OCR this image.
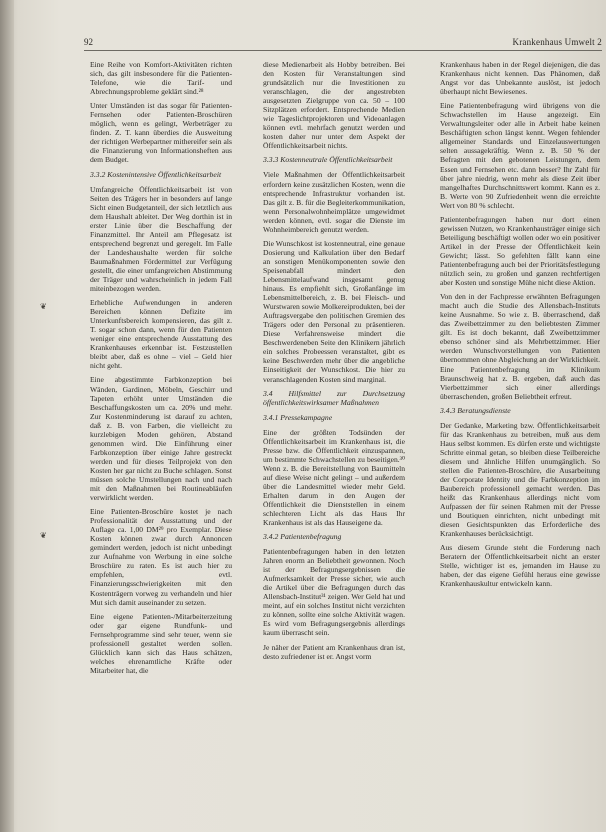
92	Krankenhaus Umwelt 2
❦
❦

Eine Reihe von Komfort-Aktivitäten richten sich, das gilt insbesondere für die Patienten-Telefone, wie die Tarif- und Abrechnungsprobleme geklärt sind.²⁸

Unter Umständen ist das sogar für Patienten-Fernsehen oder Patienten-Broschüren möglich, wenn es gelingt, Werbeträger zu finden. Z. T. kann überdies die Ausweitung der richtigen Werbepartner mithereifer sein als die Finanzierung von Informationsheften aus dem Budget.

3.3.2 Kostenintensive Öffentlichkeitsarbeit

Umfangreiche Öffentlichkeitsarbeit ist von Seiten des Trägers her in besonders auf lange Sicht einen Budgetanteil, der sich letztlich aus dem Haushalt ableitet. Der Weg dorthin ist in erster Linie über die Beschaffung der Finanzmittel. Ihr Anteil am Pflegesatz ist entsprechend begrenzt und geregelt. Im Falle der Landeshaushalte werden für solche Baumaßnahmen Fördermittel zur Verfügung gestellt, die einer umfangreichen Abstimmung der Träger und wahrscheinlich in jedem Fall miteinbezogen werden.

Erhebliche Aufwendungen in anderen Bereichen können Defizite im Unterkunftsbereich kompensieren, das gilt z. T. sogar schon dann, wenn für den Patienten weniger eine entsprechende Ausstattung des Krankenhauses erkennbar ist. Festzustellen bleibt aber, daß es ohne – viel – Geld hier nicht geht.

Eine abgestimmte Farbkonzeption bei Wänden, Gardinen, Möbeln, Geschirr und Tapeten erhöht unter Umständen die Beschaffungskosten um ca. 20% und mehr. Zur Kostenminderung ist darauf zu achten, daß z. B. von Farben, die vielleicht zu kurzlebigen Moden gehören, Abstand genommen wird. Die Einführung einer Farbkonzeption über einige Jahre gestreckt werden und für dieses Teilprojekt von den Kosten her gar nicht zu Buche schlagen. Sonst müssen solche Umstellungen nach und nach mit den Maßnahmen bei Routineabläufen verwirklicht werden.

Eine Patienten-Broschüre kostet je nach Professionalität der Ausstattung und der Auflage ca. 1,00 DM²⁹ pro Exemplar. Diese Kosten können zwar durch Annoncen gemindert werden, jedoch ist nicht unbedingt zur Aufnahme von Werbung in eine solche Broschüre zu raten. Es ist auch hier zu empfehlen, evtl. Finanzierungsschwierigkeiten mit den Kostenträgern vorweg zu verhandeln und hier Mut sich damit auseinander zu setzen.

Eine eigene Patienten-/Mitarbeiterzeitung oder gar eigene Rundfunk- und Fernsehprogramme sind sehr teuer, wenn sie professionell gestaltet werden sollen. Glücklich kann sich das Haus schätzen, welches ehrenamtliche Kräfte oder Mitarbeiter hat, die

diese Medienarbeit als Hobby betreiben. Bei den Kosten für Veranstaltungen sind grundsätzlich nur die Investitionen zu veranschlagen, die der angestrebten ausgesetzten Zielgruppe von ca. 50 – 100 Sitzplätzen erfordert. Entsprechende Medien wie Tageslichtprojektoren und Videoanlagen können evtl. mehrfach genutzt werden und kosten daher nur unter dem Aspekt der Öffentlichkeitsarbeit nichts.

3.3.3 Kostenneutrale Öffentlichkeitsarbeit

Viele Maßnahmen der Öffentlichkeitsarbeit erfordern keine zusätzlichen Kosten, wenn die entsprechende Infrastruktur vorhanden ist. Das gilt z. B. für die Begleiterkommunikation, wenn Personalwohnheimplätze umgewidmet werden können, evtl. sogar die Dienste im Wohnheimbereich genutzt werden.

Die Wunschkost ist kostenneutral, eine genaue Dosierung und Kalkulation über den Bedarf an sonstigen Menükomponenten sowie den Speisenabfall mindert den Lebensmittelaufwand insgesamt genug hinaus. Es empfiehlt sich, Großanfänge im Lebensmittelbereich, z. B. bei Fleisch- und Wurstwaren sowie Molkereiprodukten, bei der Auftragsvergabe den politischen Gremien des Trägers oder den Personal zu präsentieren. Diese Verfahrensweise mindert die Beschwerdeneben Seite den Klinikern jährlich ein solches Probeessen veranstaltet, gibt es keine Beschwerden mehr über die angebliche Einseitigkeit der Wunschkost. Die hier zu veranschlagenden Kosten sind marginal.

3.4 Hilfsmittel zur Durchsetzung öffentlichkeitswirksamer Maßnahmen
3.4.1 Pressekampagne

Eine der größten Todsünden der Öffentlichkeitsarbeit im Krankenhaus ist, die Presse bzw. die Öffentlichkeit einzuspannen, um bestimmte Schwachstellen zu beseitigen.³⁰ Wenn z. B. die Bereitstellung von Baumitteln auf diese Weise nicht gelingt – und außerdem über die Landesmittel wieder mehr Geld. Erhalten darum in den Augen der Öffentlichkeit die Dienststellen in einem schlechteren Licht als das Haus Ihr Krankenhaus ist als das Hauseigene da.

3.4.2 Patientenbefragung

Patientenbefragungen haben in den letzten Jahren enorm an Beliebtheit gewonnen. Noch ist der Befragungsergebnissen die Aufmerksamkeit der Presse sicher, wie auch die Artikel über die Befragungen durch das Allensbach-Institut³¹ zeigen. Wer Geld hat und meint, auf ein solches Institut nicht verzichten zu können, sollte eine solche Aktivität wagen. Es wird vom Befragungsergebnis allerdings kaum überrascht sein.

Je näher der Patient am Krankenhaus dran ist, desto zufriedener ist er. Angst vorm

Krankenhaus haben in der Regel diejenigen, die das Krankenhaus nicht kennen. Das Phänomen, daß Angst vor das Unbekannte auslöst, ist jedoch überhaupt nicht Bewiesenes.

Eine Patientenbefragung wird übrigens von die Schwachstellen im Hause angezeigt. Ein Verwaltungsleiter oder alle in Arbeit habe keinen Beschäftigten schon längst kennt. Wegen fehlender allgemeiner Standards und Einzelauswertungen selten aussagekräftig. Wenn z. B. 50 % der Befragten mit den gebotenen Leistungen, dem Essen und Fernsehen etc. dann besser? Ihr Zahl für über jahre niedrig, wenn mehr als diese Zeit über mangelhaftes Durchschnittswert kommt. Kann es z. B. Werte von 90 Zufriedenheit wenn die erreichte Wert von 80 % schlecht.

Patientenbefragungen haben nur dort einen gewissen Nutzen, wo Krankenhausträger einige sich Beteiligung beschäftigt wollen oder wo ein positiver Artikel in der Presse der Öffentlichkeit kein Gewicht; lässt. So gefehlten fällt kann eine Patientenbefragung auch bei der Prioritätsfestlegung nützlich sein, zu großen und ganzen rechtfertigen aber Kosten und sonstige Mühe nicht diese Aktion.

Von den in der Fachpresse erwähnten Befragungen macht auch die Studie des Allensbach-Instituts keine Ausnahme. So wie z. B. überraschend, daß das Zweibettzimmer zu den beliebtesten Zimmer gilt. Es ist doch bekannt, daß Zweibettzimmer ebenso schöner sind als Mehrbettzimmer. Hier werden Wunschvorstellungen von Patienten übernommen ohne Abgleichung an der Wirklichkeit. Eine Patientenbefragung im Klinikum Braunschweig hat z. B. ergeben, daß auch das Vierbettzimmer sich einer allerdings überraschenden, großen Beliebtheit erfreut.

3.4.3 Beratungsdienste

Der Gedanke, Marketing bzw. Öffentlichkeitsarbeit für das Krankenhaus zu betreiben, muß aus dem Haus selbst kommen. Es dürfen erste und wichtigste Schritte einmal getan, so bleiben diese Teilbereiche diesem und ähnliche Hilfen unumgänglich. So stellen die Patienten-Broschüre, die Ausarbeitung der Corporate Identity und die Farbkonzeption im Baubereich professionell gemacht werden. Das heißt das Krankenhaus allerdings nicht vom Aufpassen der für seinen Rahmen mit der Presse und Boutiquen einrichten, nicht unbedingt mit diesen Gesichtspunkten das Erforderliche des Krankenhauses berücksichtigt.

Aus diesem Grunde steht die Forderung nach Beratern der Öffentlichkeitsarbeit nicht an erster Stelle, wichtiger ist es, jemanden im Hause zu haben, der das eigene Gefühl heraus eine gewisse Krankenhauskultur entwickeln kann.
